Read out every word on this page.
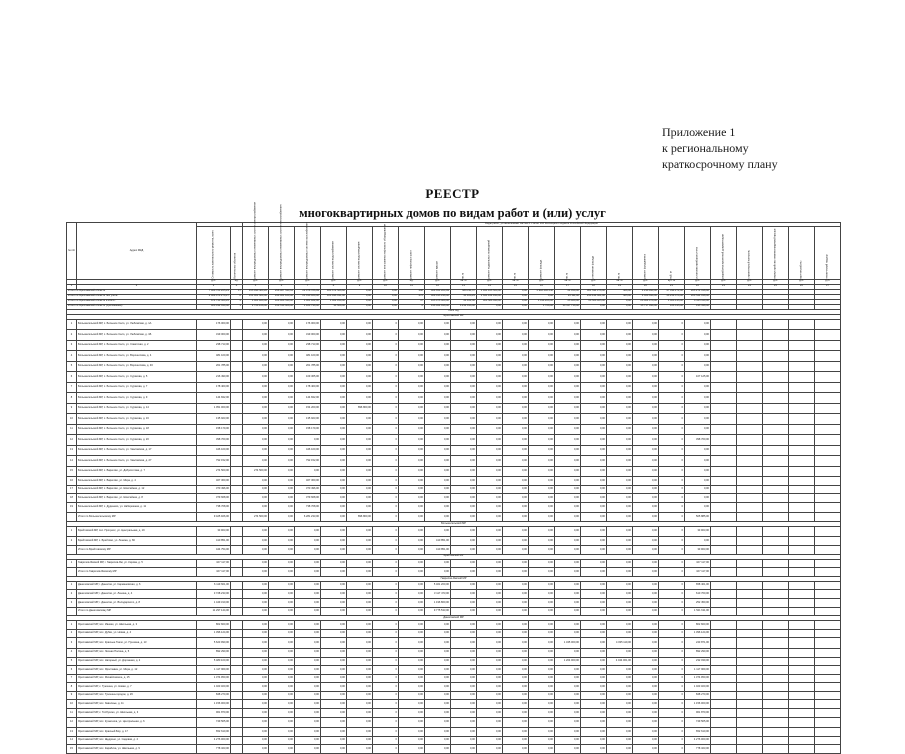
Приложение 1
к региональному
краткосрочному плану
РЕЕСТР
многоквартирных домов по видам работ и (или) услуг
№ п/п	Адрес МКД			Виды работ, установленные частью 1 статьи 166 Жилищного кодекса Российской Федерации																						
		Стоимость капитального ремонта, всего	Количество объектов	ремонт внутридомовых инженерных систем электроснабжения	ремонт внутридомовых инженерных систем теплоснабжения	ремонт внутридомовых систем газоснабжения	ремонт систем водоснабжения	ремонт систем водоотведения	ремонт или замена лифтового оборудования	ремонт лифтовых шахт	ремонт крыши	кв. м	ремонт подвальных помещений	кв. м	ремонт фасада	кв. м	утепление фасада	кв. м	ремонт фундамента	куб. м	установка приборов учета	разработка проектной документации	строительный контроль	переустройство невентилируемой крыши	прочие работы	технический надзор
		руб.	ед.	руб.	руб.	руб.	руб.	руб.	руб.	ед.	руб.	кв. м	руб.	кв. м	руб.	кв. м	руб.	кв. м	руб.	куб. м	руб.	руб.	руб.	руб.	руб.	руб.
1	2	3	4	5	6	7	8	9	10	11	12	13	14	15	16	17	18	19	20	21	22	23	24	25	26	27
Итого по Ярославской области		7 469 763 265,23	17	155 990 403,20	258 387 533,64	22 078 786,99	103 672 526,82	0,00	0,00	288	469 653 263,99	689 211,37	1 931 165 564,00	0,00	1 942 206 046	24 059,00	361 594 276,00	426,00	4 230 993,00	37 399 272,00	205 274 318,92					
Итого по Ярославской области без учета		2 469 073 270,27	8	151 001 603,00	249 001 123,00	21 010 424,00	103 496 031,00	0,00	0,00	270	469 015 236,00	41 109,25	1 641 164 934,00	0,00	0,00	23 111,00	230 144 021,00	425,00	4 020 694,00	36 259 074,00	200 544 018,00					
Итого по Ярославской области в 2023 г.		674 743 360,25	4	1 001 920,00	109 000 530,00	1 001 422,00	1 062 359,00	0,00	0,00	47	165 075 000,00	24 162,00	303 586 930,00	0,00	1 019 206,00	25 460,00	60 500 405,00	0,00	20 004 470,00	1 000 135,00	4 125 110,00					
Итого по Ярославской области (приложение)		320 332 914,00	1	2 720 128,00	159 510 008,00	1 183 796,00	33 508,00	0,00	0,00	0	136 324 816,00	6 212 016,00	0,00	0,00	1 706,00	14 117 716,00	0,00	0,00	15 717 094,00	166 135,00	195 438,00					
2023 год																										
Ярославский МР																										
1	Большесельский МР, с. Большое Село, ул. Любимская, д. 1А	176 000,00		0,00	0,00	176 000,00	0,00	0,00	0	0,00	0,00	0,00	0,00	0,00	0,00	0,00	0,00	0,00	0,00	0	0,00					
2	Большесельский МР, с. Большое Село, ул. Любимская, д. 1Б	319 000,00		0,00	0,00	319 000,00	0,00	0,00	0	0,00	0,00	0,00	0,00	0,00	0,00	0,00	0,00	0,00	0,00	0	0,00					
3	Большесельский МР, с. Большое Село, ул. Советская, д. 2	238 713,00		0,00	0,00	238 713,00	0,00	0,00	0	0,00	0,00	0,00	0,00	0,00	0,00	0,00	0,00	0,00	0,00	0	0,00					
4	Большесельский МР, с. Большое Село, ул. Ворошилова, д. 4	481 100,00		0,00	0,00	481 100,00	0,00	0,00	0	0,00	0,00	0,00	0,00	0,00	0,00	0,00	0,00	0,00	0,00	0	0,00					
5	Большесельский МР, с. Большое Село, ул. Ворошилова, д. 46	201 785,00		0,00	0,00	201 785,00	0,00	0,00	0	0,00	0,00	0,00	0,00	0,00	0,00	0,00	0,00	0,00	0,00	0	0,00					
6	Большесельский МР, с. Большое Село, ул. Сурикова, д. 5	216 490,00		0,00	0,00	109 365,00	0,00	0,00	0	0,00	0,00	0,00	0,00	0,00	0,00	0,00	0,00	0,00	0,00	0	107 125,00					
7	Большесельский МР, с. Большое Село, ул. Сурикова, д. 7	178 400,00		0,00	0,00	178 400,00	0,00	0,00	0	0,00	0,00	0,00	0,00	0,00	0,00	0,00	0,00	0,00	0,00	0	0,00					
8	Большесельский МР, с. Большое Село, ул. Сурикова, д. 9	144 842,00		0,00	0,00	144 842,00	0,00	0,00	0	0,00	0,00	0,00	0,00	0,00	0,00	0,00	0,00	0,00	0,00	0	0,00					
9	Большесельский МР, с. Большое Село, ул. Сурикова, д. 14	1 051 000,00		0,00	0,00	154 200,00	0,00	896 800,00	0	0,00	0,00	0,00	0,00	0,00	0,00	0,00	0,00	0,00	0,00	0	0,00					
10	Большесельский МР, с. Большое Село, ул. Сурикова, д. 16	135 923,00		0,00	0,00	135 923,00	0,00	0,00	0	0,00	0,00	0,00	0,00	0,00	0,00	0,00	0,00	0,00	0,00	0	0,00					
11	Большесельский МР, с. Большое Село, ул. Сурикова, д. 18	158 179,00		0,00	0,00	158 179,00	0,00	0,00	0	0,00	0,00	0,00	0,00	0,00	0,00	0,00	0,00	0,00	0,00	0	0,00					
12	Большесельский МР, с. Большое Село, ул. Сурикова, д. 20	398 760,00		0,00	0,00	0,00	0,00	0,00	0	0,00	0,00	0,00	0,00	0,00	0,00	0,00	0,00	0,00	0,00	0	398 760,00					
13	Большесельский МР, с. Большое Село, ул. Чкаловская, д. 17	446 100,00		0,00	0,00	446 100,00	0,00	0,00	0	0,00	0,00	0,00	0,00	0,00	0,00	0,00	0,00	0,00	0,00	0	0,00					
14	Большесельский МР, с. Большое Село, ул. Чкаловская, д. 27	792 152,00		0,00	0,00	792 152,00	0,00	0,00	0	0,00	0,00	0,00	0,00	0,00	0,00	0,00	0,00	0,00	0,00	0	0,00					
15	Большесельский МР, с. Варегово, ул. Доброхотова, д. 7	274 500,00		274 500,00	0,00	0,00	0,00	0,00	0	0,00	0,00	0,00	0,00	0,00	0,00	0,00	0,00	0,00	0,00	0	0,00					
16	Большесельский МР, с. Варегово, ул. Мира, д. 4	467 360,00		0,00	0,00	467 360,00	0,00	0,00	0	0,00	0,00	0,00	0,00	0,00	0,00	0,00	0,00	0,00	0,00	0	0,00					
17	Большесельский МР, с. Варегово, ул. Шоссейная, д. 12	370 496,00		0,00	0,00	370 496,00	0,00	0,00	0	0,00	0,00	0,00	0,00	0,00	0,00	0,00	0,00	0,00	0,00	0	0,00					
18	Большесельский МР, с. Варегово, ул. Шоссейная, д. 8	379 668,00		0,00	0,00	379 668,00	0,00	0,00	0	0,00	0,00	0,00	0,00	0,00	0,00	0,00	0,00	0,00	0,00	0	0,00					
19	Большесельский МР, с. Дуденево, ул. Набережная, д. 11	738 708,00		0,00	0,00	738 708,00	0,00	0,00	0	0,00	0,00	0,00	0,00	0,00	0,00	0,00	0,00	0,00	0,00	0	0,00					
	Итого по Большесельскому МР	9 425 926,00		274 500,00	0,00	6 281 233,00	0,00	896 800,00	0	0,00	0,00	0,00	0,00	0,00	0,00	0,00	0,00	0,00	0,00	0	505 885,00					
Большесельский МР																										
1	Брейтовский МР, пос. Прогресс, ул. Центральная, д. 19	33 903,00		0,00	0,00	0,00	0,00	0,00	0	0,00	0,00	0,00	0,00	0,00	0,00	0,00	0,00	0,00	0,00	0	33 903,00					
2	Брейтовский МР, с. Брейтово, ул. Ленина, д. 66	410 851,00		0,00	0,00	0,00	0,00	0,00	0	0,00	410 851,00	0,00	0,00	0,00	0,00	0,00	0,00	0,00	0,00	0	0,00					
	Итого по Брейтовскому МР	444 754,00		0,00	0,00	0,00	0,00	0,00	0	0,00	410 851,00	0,00	0,00	0,00	0,00	0,00	0,00	0,00	0,00	0	33 903,00					
Брейтовский МР																										
1	Гаврилов-Ямский МР, г. Гаврилов-Ям, ул. Кирова, д. 5	107 117,00		0,00	0,00	0,00	0,00	0,00	0	0,00	0,00	0,00	0,00	0,00	0,00	0,00	0,00	0,00	0,00	0	107 117,00					
	Итого по Гаврилов-Ямскому МР	107 117,00		0,00	0,00	0,00	0,00	0,00	0	0,00	0,00	0,00	0,00	0,00	0,00	0,00	0,00	0,00	0,00	0	107 117,00					
Гаврилов-Ямский МР																										
1	Даниловский МР, г. Данилов, ул. Кармановская, д. 6	6 119 601,00		0,00	0,00	0,00	0,00	0,00	0	0,00	5 461 200,00	0,00	0,00	0,00	0,00	0,00	0,00	0,00	0,00	0	658 401,00					
2	Даниловский МР, г. Данилов, ул. Ленина, д. 4	3 728 233,00		0,00	0,00	0,00	0,00	0,00	0	0,00	3 117 473,00	0,00	0,00	0,00	0,00	0,00	0,00	0,00	0,00	0	610 760,00					
3	Даниловский МР, г. Данилов, ул. Володарского, д. 8	1 449 310,00		0,00	0,00	0,00	0,00	0,00	0	0,00	1 196 860,00	0,00	0,00	0,00	0,00	0,00	0,00	0,00	0,00	0	252 450,00					
	Итого по Даниловскому МР	11 297 144,00		0,00	0,00	0,00	0,00	0,00	0	0,00	9 775 533,00	0,00	0,00	0,00	0,00	0,00	0,00	0,00	0,00	0	1 521 611,00					
Даниловский МР																										
1	Ярославский МР, пос. Ивняки, ул. Школьная, д. 3	802 820,00		0,00	0,00	0,00	0,00	0,00	0	0,00	0,00	0,00	0,00	0,00	0,00	0,00	0,00	0,00	0,00	0	802 820,00					
2	Ярославский МР, пос. Дубки, ул. Новая, д. 4	1 396 124,00		0,00	0,00	0,00	0,00	0,00	0	0,00	0,00	0,00	0,00	0,00	0,00	0,00	0,00	0,00	0,00	0	1 396 124,00					
3	Ярославский МР, пос. Красные Ткачи, ул. Пушкина, д. 13	5 623 990,00		0,00	0,00	0,00	0,00	0,00	0	0,00	0,00	0,00	0,00	0,00	0,00	1 345 000,00	0,00	4 035 119,00	0,00	0	243 871,00					
4	Ярославский МР, пос. Лесная Поляна, д. 5	892 290,00		0,00	0,00	0,00	0,00	0,00	0	0,00	0,00	0,00	0,00	0,00	0,00	0,00	0,00	0,00	0,00	0	892 290,00					
5	Ярославский МР, пос. Нагорный, ул. Дорожная, д. 2	5 480 100,00		0,00	0,00	0,00	0,00	0,00	0	0,00	0,00	0,00	0,00	0,00	0,00	1 204 000,00	0,00	4 044 061,00	0,00	0	232 039,00					
6	Ярославский МР, пос. Ярославка, ул. Мира, д. 12	1 117 969,00		0,00	0,00	0,00	0,00	0,00	0	0,00	0,00	0,00	0,00	0,00	0,00	0,00	0,00	0,00	0,00	0	1 117 969,00					
7	Ярославский МР, пос. Михайловское, д. 15	1 374 950,00		0,00	0,00	0,00	0,00	0,00	0	0,00	0,00	0,00	0,00	0,00	0,00	0,00	0,00	0,00	0,00	0	1 374 950,00					
8	Ярославский МР, с. Туношна, ул. Новая, д. 7	1 023 400,00		0,00	0,00	0,00	0,00	0,00	0	0,00	0,00	0,00	0,00	0,00	0,00	0,00	0,00	0,00	0,00	0	1 023 400,00					
9	Ярославский МР, пос. Туношна-городок, д. 26	848 270,00		0,00	0,00	0,00	0,00	0,00	0	0,00	0,00	0,00	0,00	0,00	0,00	0,00	0,00	0,00	0,00	0	848 270,00					
10	Ярославский МР, пос. Заволжье, д. 11	1 156 000,00		0,00	0,00	0,00	0,00	0,00	0	0,00	0,00	0,00	0,00	0,00	0,00	0,00	0,00	0,00	0,00	0	1 156 000,00					
11	Ярославский МР, с. Толбухино, ул. Школьная, д. 3	961 870,00		0,00	0,00	0,00	0,00	0,00	0	0,00	0,00	0,00	0,00	0,00	0,00	0,00	0,00	0,00	0,00	0	961 870,00					
12	Ярославский МР, пос. Кузнечиха, ул. Центральная, д. 6	749 505,00		0,00	0,00	0,00	0,00	0,00	0	0,00	0,00	0,00	0,00	0,00	0,00	0,00	0,00	0,00	0,00	0	749 505,00					
13	Ярославский МР, пос. Красный Бор, д. 17	652 610,00		0,00	0,00	0,00	0,00	0,00	0	0,00	0,00	0,00	0,00	0,00	0,00	0,00	0,00	0,00	0,00	0	652 610,00					
14	Ярославский МР, пос. Щедрино, ул. Садовая, д. 4	4 276 000,00		0,00	0,00	0,00	0,00	0,00	0	0,00	0,00	0,00	0,00	0,00	0,00	0,00	0,00	0,00	0,00	0	4 276 000,00					
15	Ярославский МР, пос. Карабиха, ул. Школьная, д. 9	778 323,00		0,00	0,00	0,00	0,00	0,00	0	0,00	0,00	0,00	0,00	0,00	0,00	0,00	0,00	0,00	0,00	0	778 323,00					
